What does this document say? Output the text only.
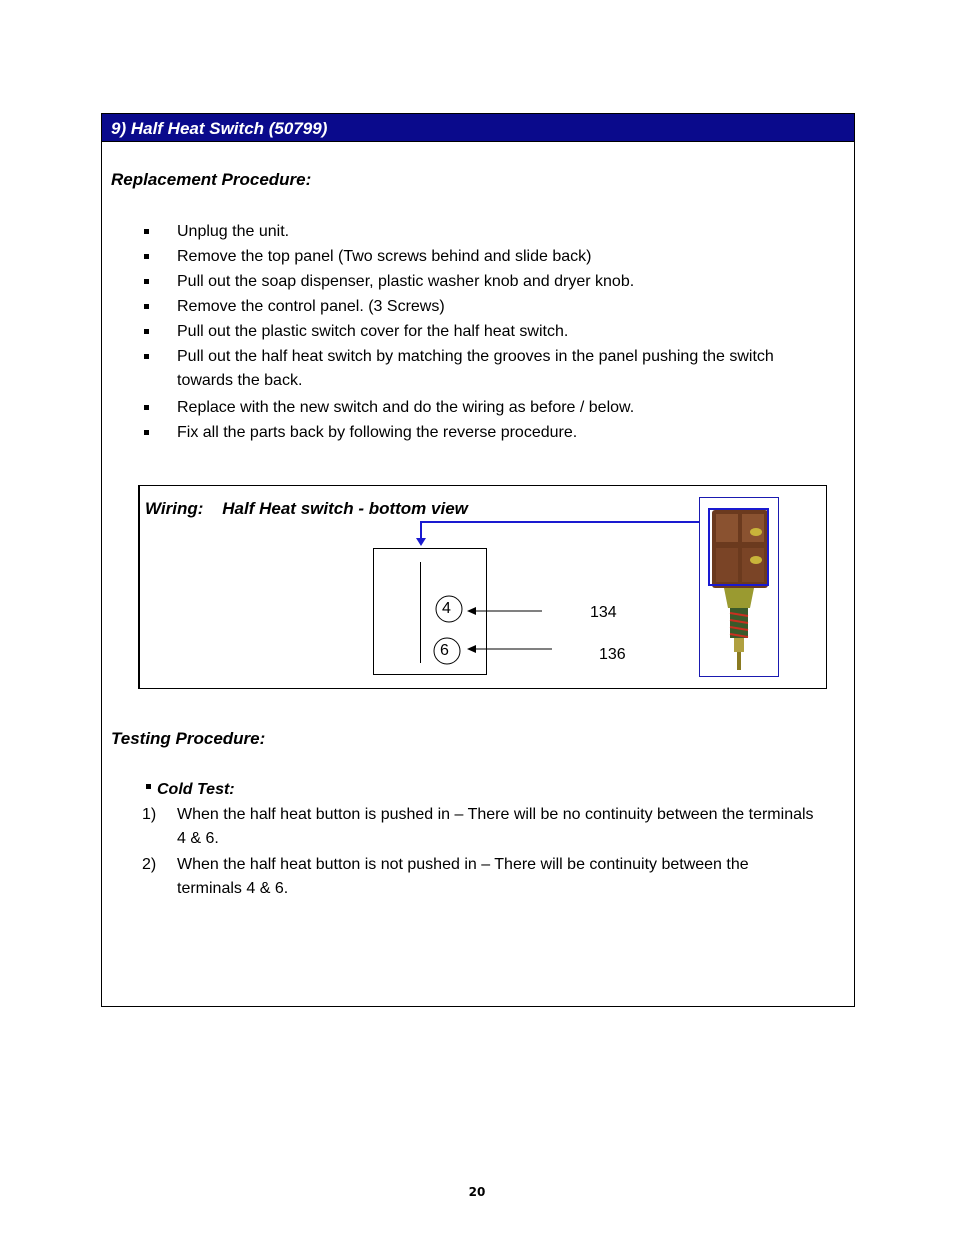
9) Half Heat Switch (50799)
Replacement Procedure:
Unplug the unit.
Remove the top panel (Two screws behind and slide back)
Pull out the soap dispenser, plastic washer knob and dryer knob.
Remove the control panel. (3 Screws)
Pull out the plastic switch cover for the half heat switch.
Pull out the half heat switch by matching the grooves in the panel pushing the switch towards the back.
Replace with the new switch and do the wiring as before / below.
Fix all the parts back by following the reverse procedure.
Wiring:    Half Heat switch - bottom view
4
6
134
136
Testing Procedure:
Cold Test:
1) When the half heat button is pushed in – There will be no continuity between the terminals 4 & 6.
2) When the half heat button is not pushed in – There will be continuity between the terminals 4 & 6.
20
